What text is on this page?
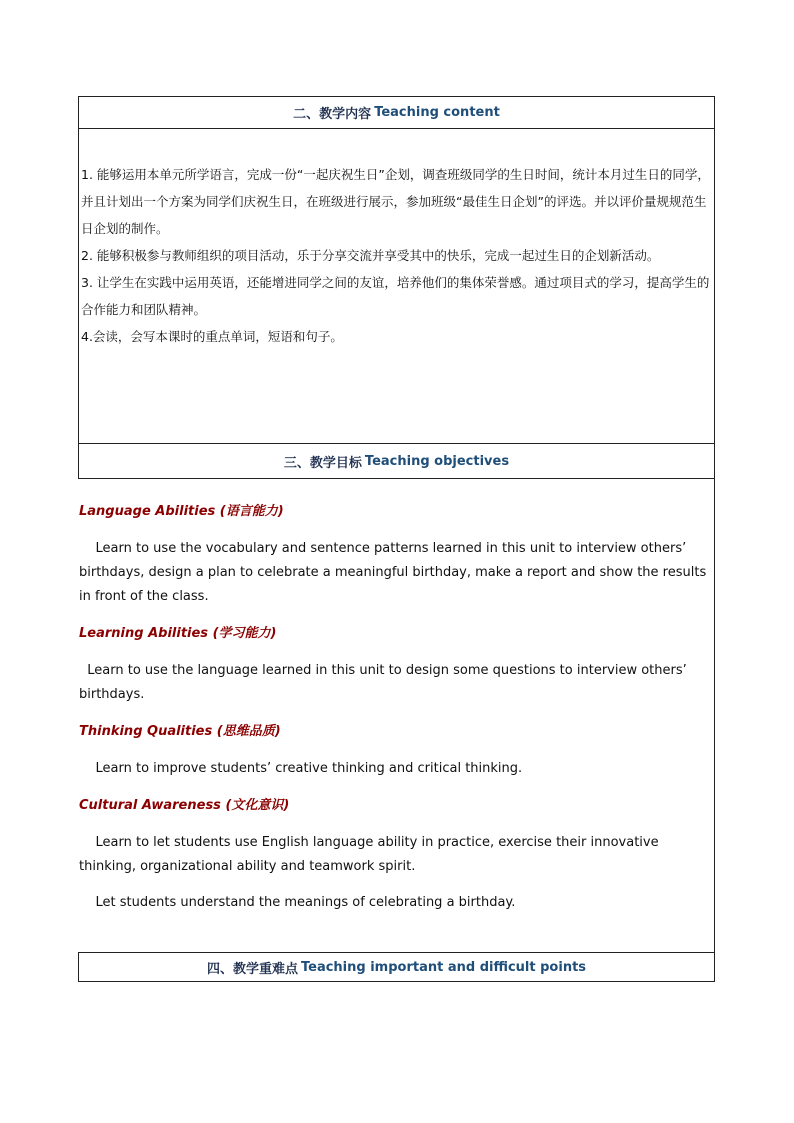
二、教学内容 Teaching content

1. 能够运用本单元所学语言，完成一份“一起庆祝生日”企划，调查班级同学的生日时间，统计本月过生日的同学，并且计划出一个方案为同学们庆祝生日，在班级进行展示，参加班级“最佳生日企划”的评选。并以评价量规规范生日企划的制作。

2. 能够积极参与教师组织的项目活动，乐于分享交流并享受其中的快乐，完成一起过生日的企划新活动。

3. 让学生在实践中运用英语，还能增进同学之间的友谊，培养他们的集体荣誉感。通过项目式的学习，提高学生的合作能力和团队精神。

4.会读，会写本课时的重点单词，短语和句子。

三、教学目标 Teaching objectives

Language Abilities (语言能力)

Learn to use the vocabulary and sentence patterns learned in this unit to interview others’ birthdays, design a plan to celebrate a meaningful birthday, make a report and show the results in front of the class.

Learning Abilities (学习能力)

Learn to use the language learned in this unit to design some questions to interview others’ birthdays.

Thinking Qualities (思维品质)

Learn to improve students’ creative thinking and critical thinking.

Cultural Awareness (文化意识)

Learn to let students use English language ability in practice, exercise their innovative thinking, organizational ability and teamwork spirit.

Let students understand the meanings of celebrating a birthday.

四、教学重难点 Teaching important and difficult points
